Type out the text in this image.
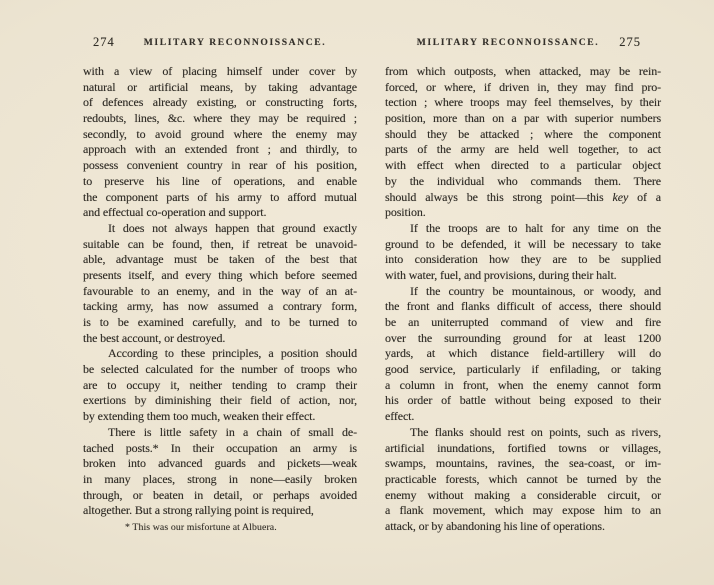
274	MILITARY RECONNOISSANCE.
with a view of placing himself under cover by
natural or artificial means, by taking advantage
of defences already existing, or constructing forts,
redoubts, lines, &c. where they may be required ;
secondly, to avoid ground where the enemy may
approach with an extended front ; and thirdly, to
possess convenient country in rear of his position,
to preserve his line of operations, and enable
the component parts of his army to afford mutual
and effectual co-operation and support.
It does not always happen that ground exactly
suitable can be found, then, if retreat be unavoid-
able, advantage must be taken of the best that
presents itself, and every thing which before seemed
favourable to an enemy, and in the way of an at-
tacking army, has now assumed a contrary form,
is to be examined carefully, and to be turned to
the best account, or destroyed.
According to these principles, a position should
be selected calculated for the number of troops who
are to occupy it, neither tending to cramp their
exertions by diminishing their field of action, nor,
by extending them too much, weaken their effect.
There is little safety in a chain of small de-
tached posts.* In their occupation an army is
broken into advanced guards and pickets—weak
in many places, strong in none—easily broken
through, or beaten in detail, or perhaps avoided
altogether. But a strong rallying point is required,
* This was our misfortune at Albuera.
MILITARY RECONNOISSANCE.	275
from which outposts, when attacked, may be rein-
forced, or where, if driven in, they may find pro-
tection ; where troops may feel themselves, by their
position, more than on a par with superior numbers
should they be attacked ; where the component
parts of the army are held well together, to act
with effect when directed to a particular object
by the individual who commands them. There
should always be this strong point—this key of a
position.
If the troops are to halt for any time on the
ground to be defended, it will be necessary to take
into consideration how they are to be supplied
with water, fuel, and provisions, during their halt.
If the country be mountainous, or woody, and
the front and flanks difficult of access, there should
be an uniterrupted command of view and fire
over the surrounding ground for at least 1200
yards, at which distance field-artillery will do
good service, particularly if enfilading, or taking
a column in front, when the enemy cannot form
his order of battle without being exposed to their
effect.
The flanks should rest on points, such as rivers,
artificial inundations, fortified towns or villages,
swamps, mountains, ravines, the sea-coast, or im-
practicable forests, which cannot be turned by the
enemy without making a considerable circuit, or
a flank movement, which may expose him to an
attack, or by abandoning his line of operations.
